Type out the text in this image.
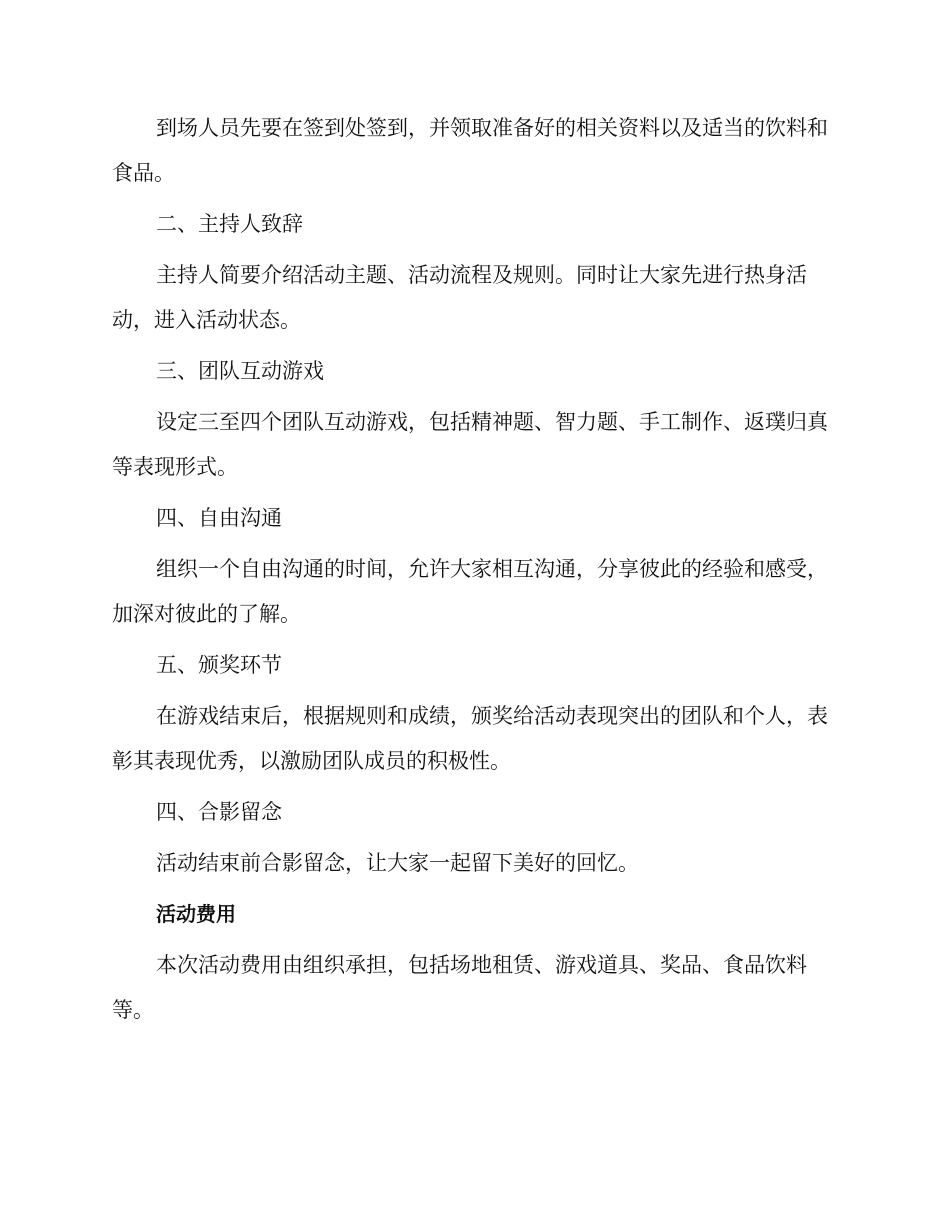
到场人员先要在签到处签到，并领取准备好的相关资料以及适当的饮料和食品。

二、主持人致辞

主持人简要介绍活动主题、活动流程及规则。同时让大家先进行热身活动，进入活动状态。

三、团队互动游戏

设定三至四个团队互动游戏，包括精神题、智力题、手工制作、返璞归真等表现形式。

四、自由沟通

组织一个自由沟通的时间，允许大家相互沟通，分享彼此的经验和感受，加深对彼此的了解。

五、颁奖环节

在游戏结束后，根据规则和成绩，颁奖给活动表现突出的团队和个人，表彰其表现优秀，以激励团队成员的积极性。

四、合影留念

活动结束前合影留念，让大家一起留下美好的回忆。

活动费用

本次活动费用由组织承担，包括场地租赁、游戏道具、奖品、食品饮料等。
